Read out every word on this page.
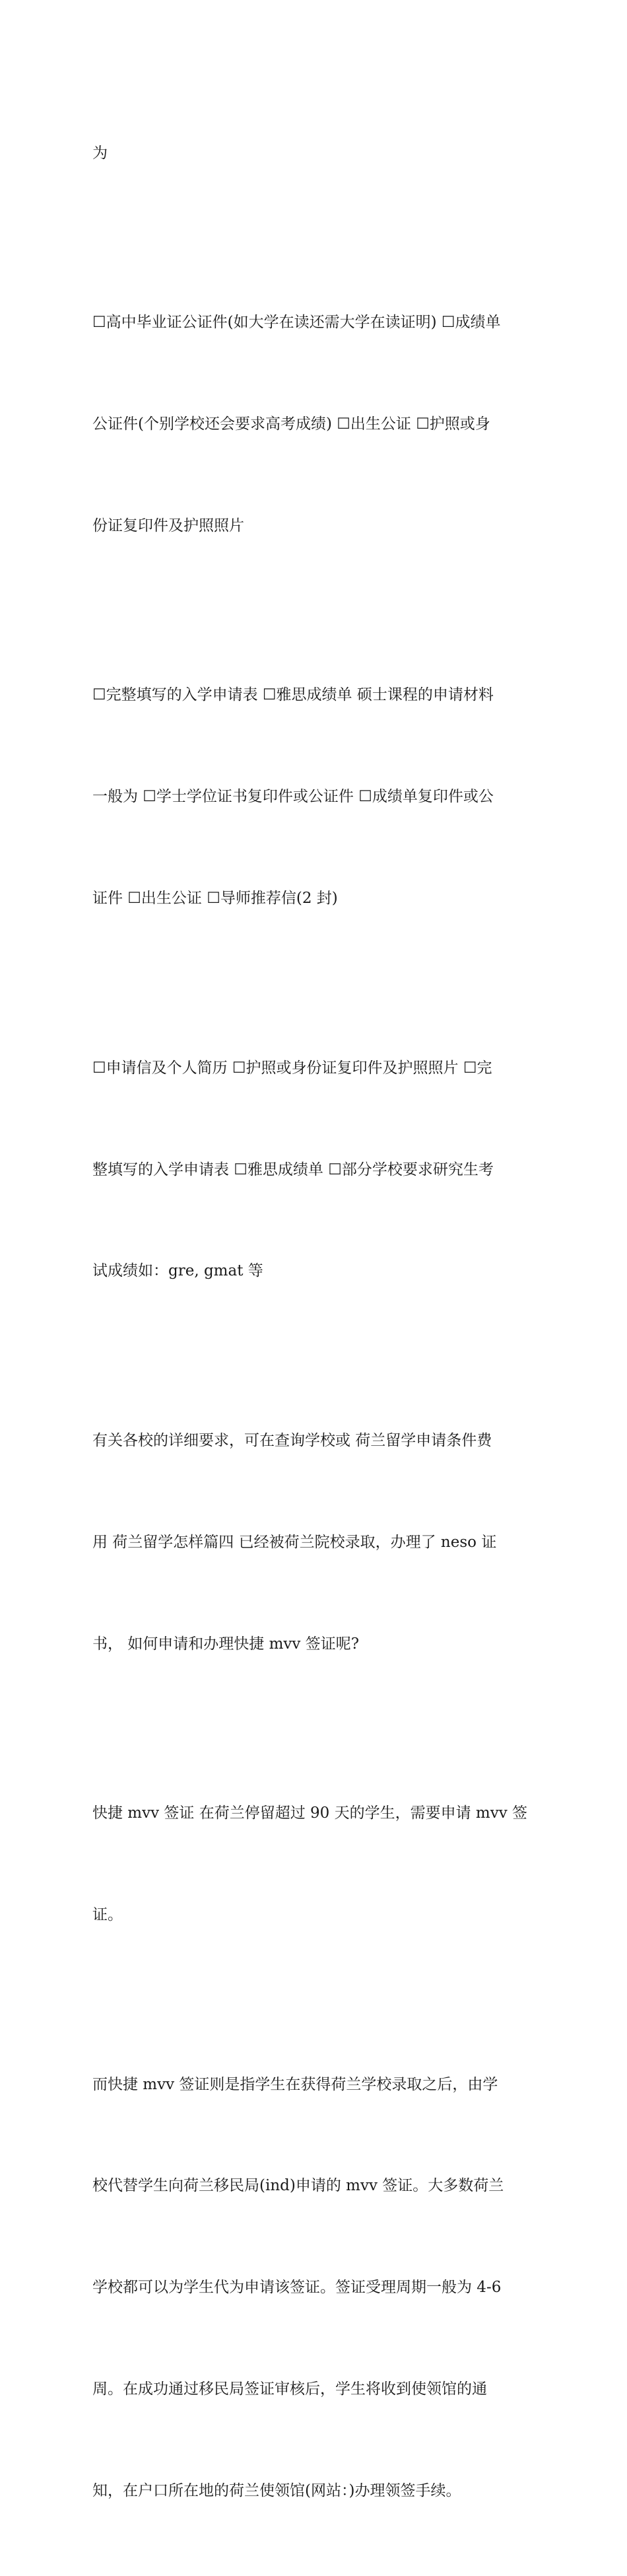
为

☐高中毕业证公证件(如大学在读还需大学在读证明) ☐成绩单

公证件(个别学校还会要求高考成绩) ☐出生公证 ☐护照或身

份证复印件及护照照片

☐完整填写的入学申请表 ☐雅思成绩单 硕士课程的申请材料

一般为 ☐学士学位证书复印件或公证件 ☐成绩单复印件或公

证件 ☐出生公证 ☐导师推荐信(2 封)

☐申请信及个人简历 ☐护照或身份证复印件及护照照片 ☐完

整填写的入学申请表 ☐雅思成绩单 ☐部分学校要求研究生考

试成绩如：gre, gmat 等

有关各校的详细要求，可在查询学校或 荷兰留学申请条件费

用 荷兰留学怎样篇四 已经被荷兰院校录取，办理了 neso 证

书， 如何申请和办理快捷 mvv 签证呢?

快捷 mvv 签证 在荷兰停留超过 90 天的学生，需要申请 mvv 签

证。

而快捷 mvv 签证则是指学生在获得荷兰学校录取之后，由学

校代替学生向荷兰移民局(ind)申请的 mvv 签证。大多数荷兰

学校都可以为学生代为申请该签证。签证受理周期一般为 4-6

周。在成功通过移民局签证审核后，学生将收到使领馆的通

知，在户口所在地的荷兰使领馆(网站：)办理领签手续。
